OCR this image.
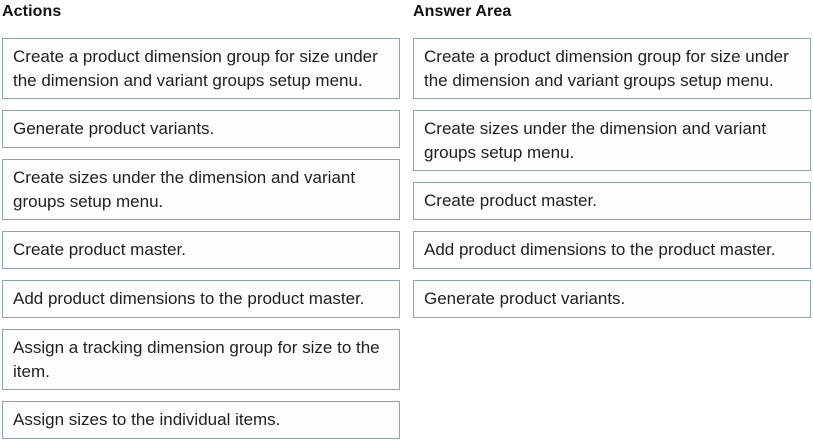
Actions
Create a product dimension group for size under the dimension and variant groups setup menu.
Generate product variants.
Create sizes under the dimension and variant groups setup menu.
Create product master.
Add product dimensions to the product master.
Assign a tracking dimension group for size to the item.
Assign sizes to the individual items.
Answer Area
Create a product dimension group for size under the dimension and variant groups setup menu.
Create sizes under the dimension and variant groups setup menu.
Create product master.
Add product dimensions to the product master.
Generate product variants.
